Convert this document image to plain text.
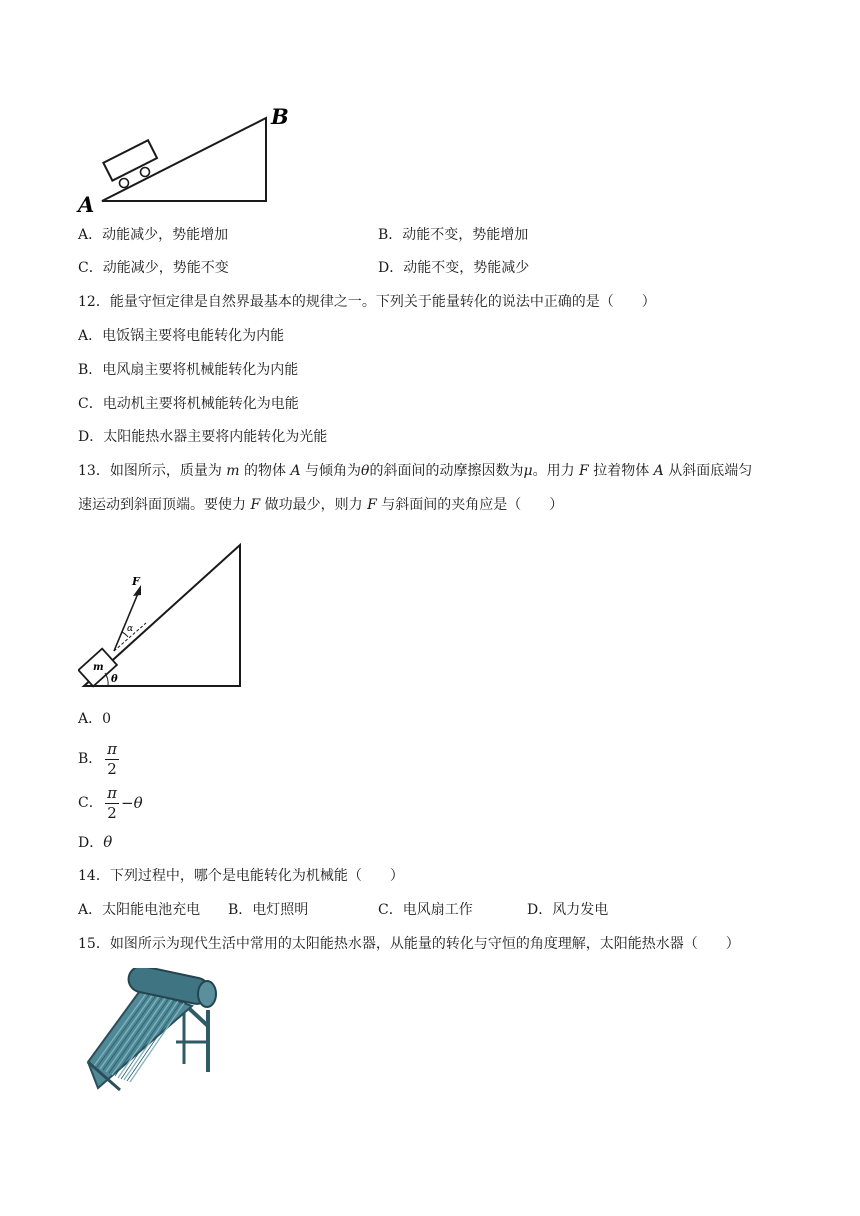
A
B
A．动能减少，势能增加	B．动能不变，势能增加
C．动能减少，势能不变	D．动能不变，势能减少
12．能量守恒定律是自然界最基本的规律之一。下列关于能量转化的说法中正确的是（　　）
A．电饭锅主要将电能转化为内能
B．电风扇主要将机械能转化为内能
C．电动机主要将机械能转化为电能
D．太阳能热水器主要将内能转化为光能
13．如图所示，质量为 m 的物体 A 与倾角为θ的斜面间的动摩擦因数为μ。用力 F 拉着物体 A 从斜面底端匀
速运动到斜面顶端。要使力 F 做功最少，则力 F 与斜面间的夹角应是（　　）
m
θ
F
α
A．0
B．
π
2
C．
π
2
−θ
D．θ
14．下列过程中，哪个是电能转化为机械能（　　）
A．太阳能电池充电 B．电灯照明	C．电风扇工作	D．风力发电
15．如图所示为现代生活中常用的太阳能热水器，从能量的转化与守恒的角度理解，太阳能热水器（　　）
